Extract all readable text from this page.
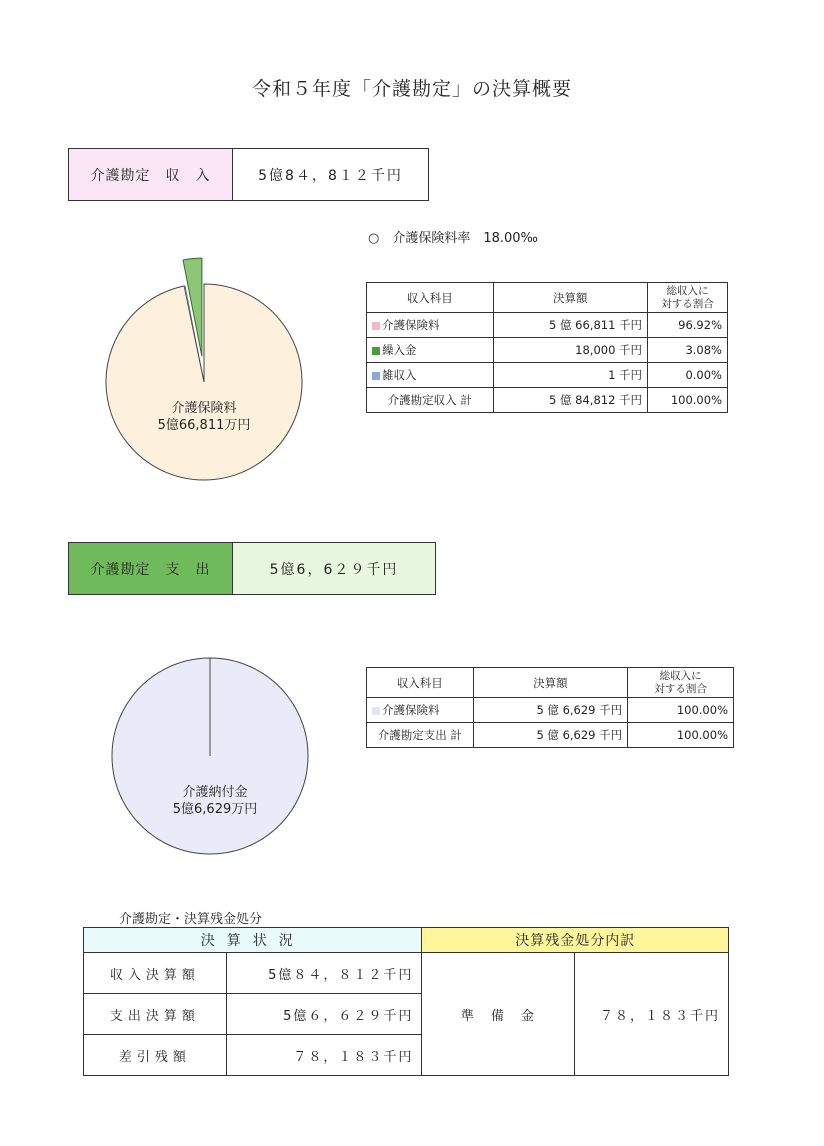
令和５年度「介護勘定」の決算概要
介護勘定　収　入	5億8４，8１２千円
○　介護保険料率　18.00‰
介護保険料
5億66,811万円
収入科目	決算額	総収入に
対する割合

介護保険料	5 億 66,811 千円	96.92%
繰入金	18,000 千円	3.08%
雑収入	1 千円	0.00%
介護勘定収入 計	5 億 84,812 千円	100.00%
介護勘定　支　出	5億6，6２９千円
介護納付金
5億6,629万円
収入科目	決算額	総収入に
対する割合

介護保険料	5 億 6,629 千円	100.00%
介護勘定支出 計	5 億 6,629 千円	100.00%
介護勘定・決算残金処分
決算状況		決算残金処分内訳	
収入決算額	5億８４，８１２千円	準　備　金	７８，１８３千円
支出決算額	5億６，６２９千円		
差引残額	７８，１８３千円		
